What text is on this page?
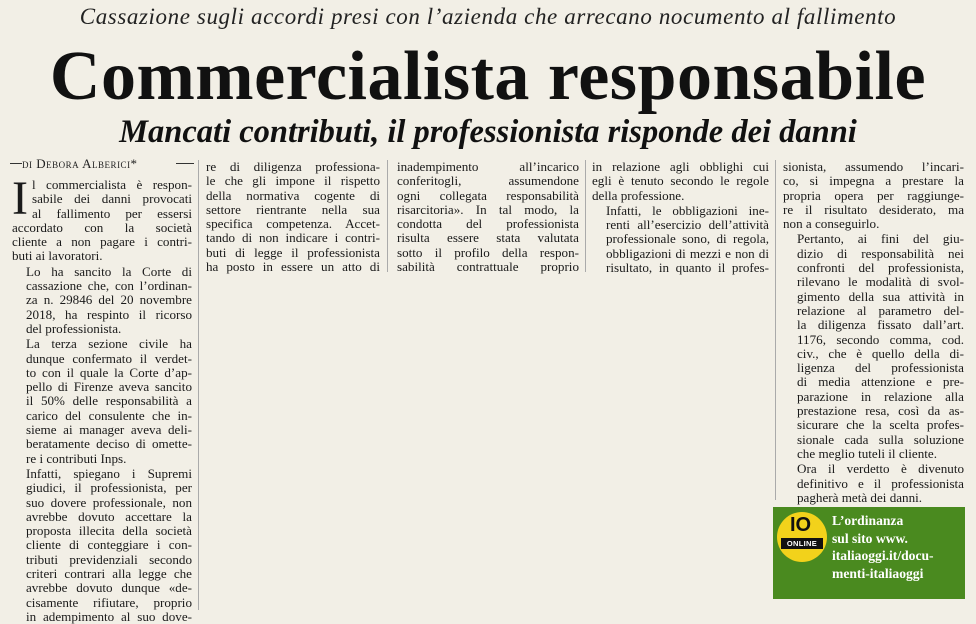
Cassazione sugli accordi presi con l’azienda che arrecano nocumento al fallimento
Commercialista responsabile
Mancati contributi, il professionista risponde dei danni
di Debora Alberici*

I l commercialista è respon-
sabile dei danni provocati
al fallimento per essersi
accordato con la società
cliente a non pagare i contri-
buti ai lavoratori.

Lo ha sancito la Corte di
cassazione che, con l’ordinan-
za n. 29846 del 20 novembre
2018, ha respinto il ricorso
del professionista.

La terza sezione civile ha
dunque confermato il verdet-
to con il quale la Corte d’ap-
pello di Firenze aveva sancito
il 50% delle responsabilità a
carico del consulente che in-
sieme ai manager aveva deli-
beratamente deciso di omette-
re i contributi Inps.

Infatti, spiegano i Supremi
giudici, il professionista, per
suo dovere professionale, non
avrebbe dovuto accettare la
proposta illecita della società
cliente di conteggiare i con-
tributi previdenziali secondo
criteri contrari alla legge che
avrebbe dovuto dunque «de-
cisamente rifiutare, proprio
in adempimento al suo dove-

re di diligenza professiona-
le che gli impone il rispetto
della normativa cogente di
settore rientrante nella sua
specifica competenza. Accet-
tando di non indicare i contri-
buti di legge il professionista
ha posto in essere un atto di

inadempimento all’incarico
conferitogli, assumendone
ogni collegata responsabilità
risarcitoria». In tal modo, la
condotta del professionista
risulta essere stata valutata
sotto il profilo della respon-
sabilità contrattuale proprio

in relazione agli obblighi cui
egli è tenuto secondo le regole
della professione.

Infatti, le obbligazioni ine-
renti all’esercizio dell’attività
professionale sono, di regola,
obbligazioni di mezzi e non di
risultato, in quanto il profes-

sionista, assumendo l’incari-
co, si impegna a prestare la
propria opera per raggiunge-
re il risultato desiderato, ma
non a conseguirlo.

Pertanto, ai fini del giu-
dizio di responsabilità nei
confronti del professionista,
rilevano le modalità di svol-
gimento della sua attività in
relazione al parametro del-
la diligenza fissato dall’art.
1176, secondo comma, cod.
civ., che è quello della di-
ligenza del professionista
di media attenzione e pre-
parazione in relazione alla
prestazione resa, così da as-
sicurare che la scelta profes-
sionale cada sulla soluzione
che meglio tuteli il cliente.

Ora il verdetto è divenuto
definitivo e il professionista
pagherà metà dei danni.

IO
ONLINE
L’ordinanza
sul sito www.
italiaoggi.it/docu-
menti-italiaoggi
